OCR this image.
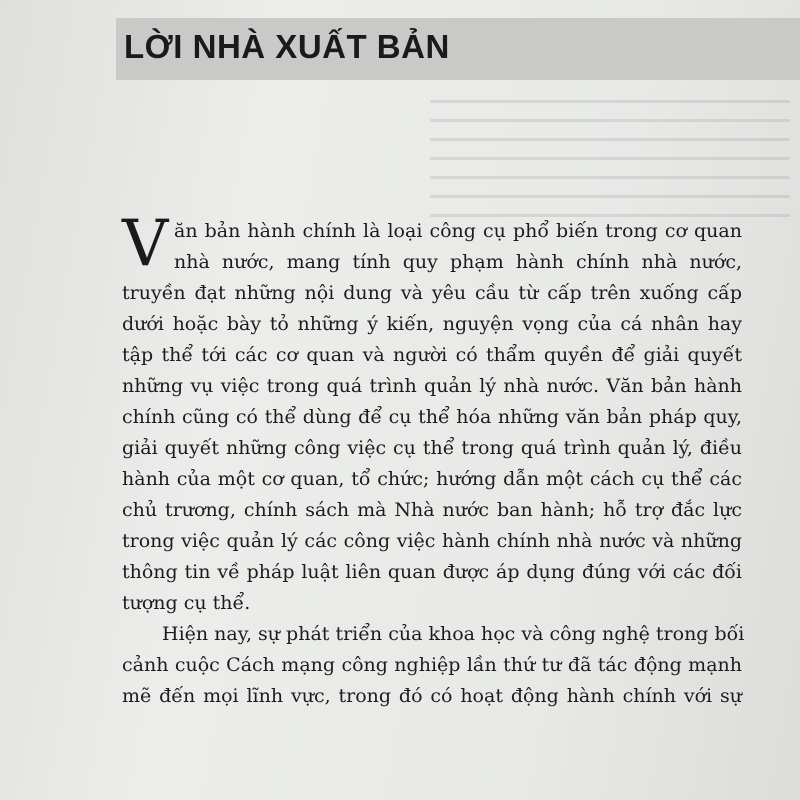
LỜI NHÀ XUẤT BẢN
V ăn bản hành chính là loại công cụ phổ biến trong cơ quan
nhà nước, mang tính quy phạm hành chính nhà nước,
truyền đạt những nội dung và yêu cầu từ cấp trên xuống cấp
dưới hoặc bày tỏ những ý kiến, nguyện vọng của cá nhân hay
tập thể tới các cơ quan và người có thẩm quyền để giải quyết
những vụ việc trong quá trình quản lý nhà nước. Văn bản hành
chính cũng có thể dùng để cụ thể hóa những văn bản pháp quy,
giải quyết những công việc cụ thể trong quá trình quản lý, điều
hành của một cơ quan, tổ chức; hướng dẫn một cách cụ thể các
chủ trương, chính sách mà Nhà nước ban hành; hỗ trợ đắc lực
trong việc quản lý các công việc hành chính nhà nước và những
thông tin về pháp luật liên quan được áp dụng đúng với các đối
tượng cụ thể.
Hiện nay, sự phát triển của khoa học và công nghệ trong bối
cảnh cuộc Cách mạng công nghiệp lần thứ tư đã tác động mạnh
mẽ đến mọi lĩnh vực, trong đó có hoạt động hành chính với sự
